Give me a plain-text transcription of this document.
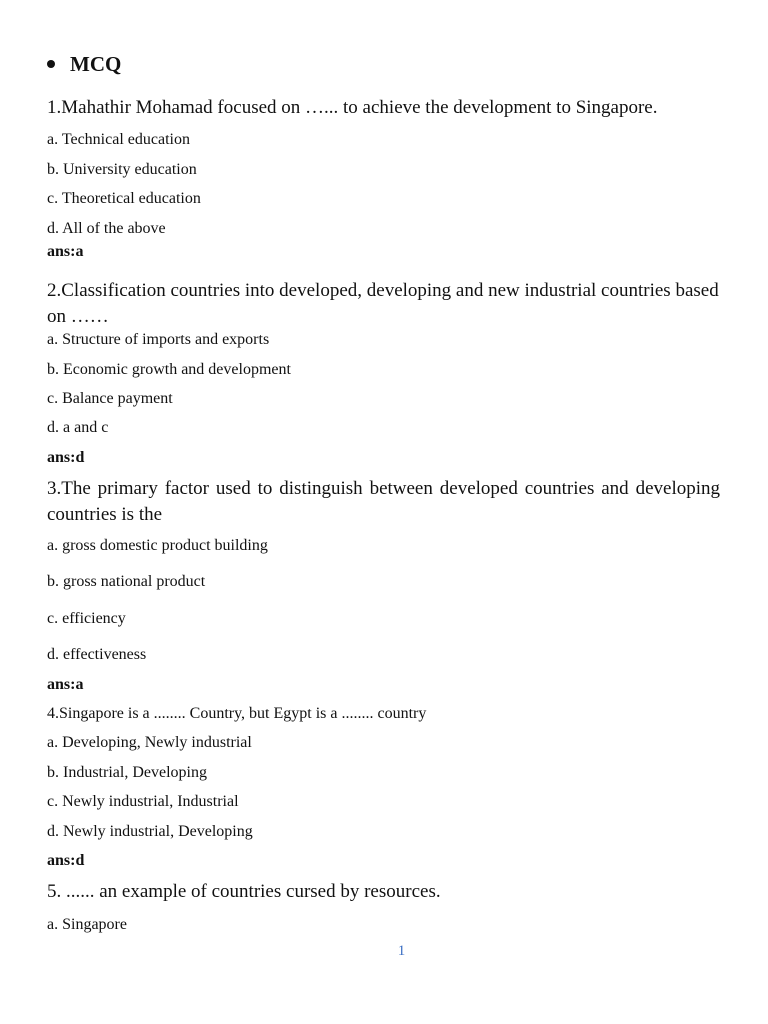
MCQ
1.Mahathir Mohamad focused on …... to achieve the development to Singapore.
a. Technical education
b. University education
c. Theoretical education
d. All of the above
ans:a
2.Classification countries into developed, developing and new industrial countries based on ……
a. Structure of imports and exports
b. Economic growth and development
c. Balance payment
d. a and c
ans:d
3.The primary factor used to distinguish between developed countries and developing countries is the
a. gross domestic product building
b. gross national product
c. efficiency
d. effectiveness
ans:a
4.Singapore is a ........ Country, but Egypt is a ........ country
a. Developing, Newly industrial
b. Industrial, Developing
c. Newly industrial, Industrial
d. Newly industrial, Developing
ans:d
5. ...... an example of countries cursed by resources.
a. Singapore
1
